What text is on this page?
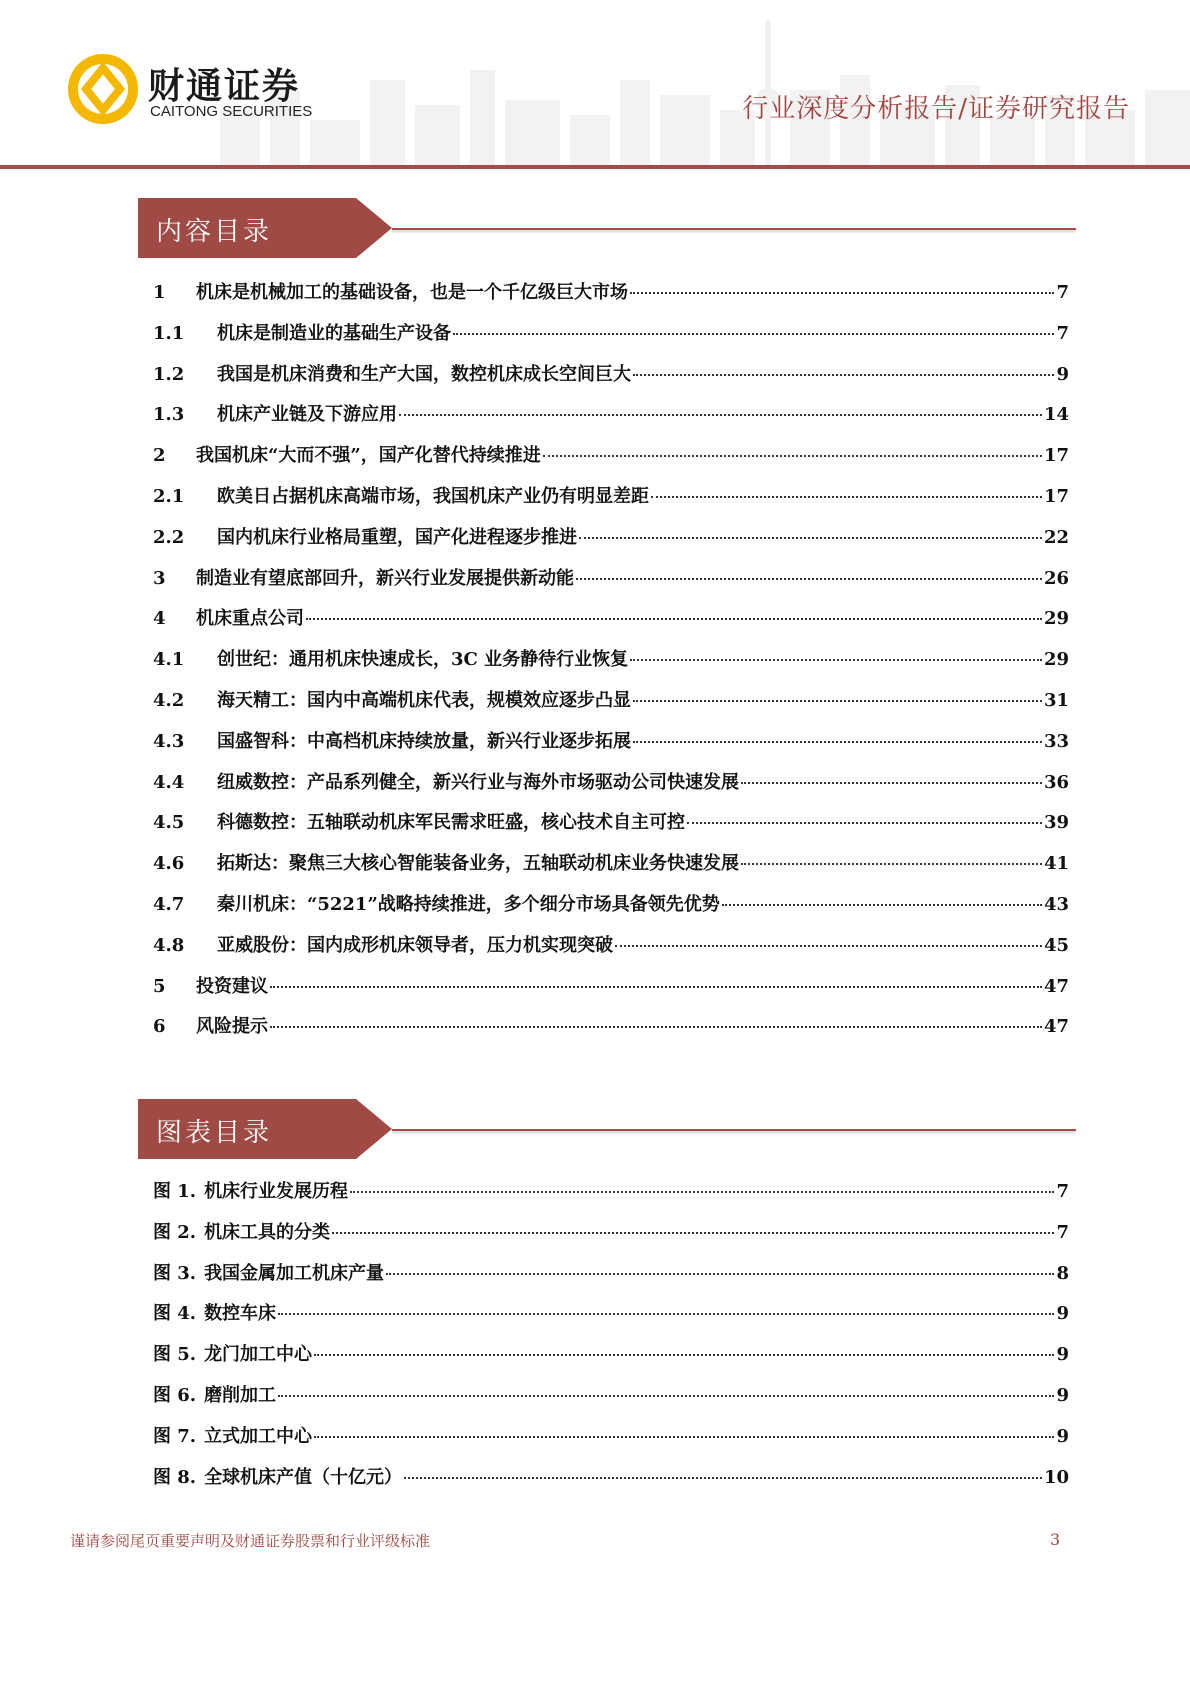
财通证券
CAITONG SECURITIES	行业深度分析报告/证券研究报告
内容目录
1	机床是机械加工的基础设备，也是一个千亿级巨大市场	7
1.1	机床是制造业的基础生产设备	7
1.2	我国是机床消费和生产大国，数控机床成长空间巨大	9
1.3	机床产业链及下游应用	14
2	我国机床“大而不强”，国产化替代持续推进	17
2.1	欧美日占据机床高端市场，我国机床产业仍有明显差距	17
2.2	国内机床行业格局重塑，国产化进程逐步推进	22
3	制造业有望底部回升，新兴行业发展提供新动能	26
4	机床重点公司	29
4.1	创世纪：通用机床快速成长，3C 业务静待行业恢复	29
4.2	海天精工：国内中高端机床代表，规模效应逐步凸显	31
4.3	国盛智科：中高档机床持续放量，新兴行业逐步拓展	33
4.4	纽威数控：产品系列健全，新兴行业与海外市场驱动公司快速发展	36
4.5	科德数控：五轴联动机床军民需求旺盛，核心技术自主可控	39
4.6	拓斯达：聚焦三大核心智能装备业务，五轴联动机床业务快速发展	41
4.7	秦川机床：“5221”战略持续推进，多个细分市场具备领先优势	43
4.8	亚威股份：国内成形机床领导者，压力机实现突破	45
5	投资建议	47
6	风险提示	47
图表目录
图 1. 机床行业发展历程	7
图 2. 机床工具的分类	7
图 3. 我国金属加工机床产量	8
图 4. 数控车床	9
图 5. 龙门加工中心	9
图 6. 磨削加工	9
图 7. 立式加工中心	9
图 8. 全球机床产值（十亿元）	10
谨请参阅尾页重要声明及财通证券股票和行业评级标准	3
